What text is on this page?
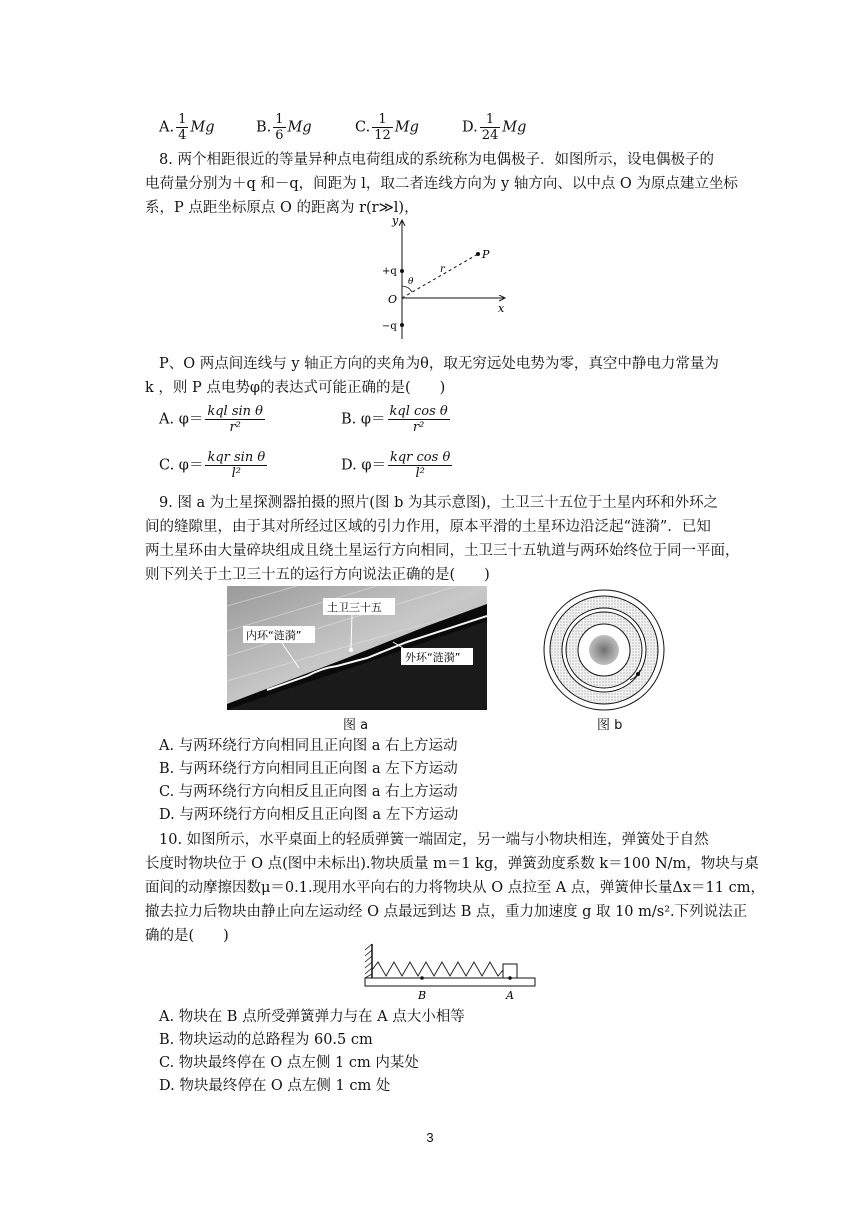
A. $\frac{1}{4}$ Mg	B. $\frac{1}{6}$ Mg	C. $\frac{1}{12}$ Mg	D. $\frac{1}{24}$ Mg
8. 两个相距很近的等量异种点电荷组成的系统称为电偶极子．如图所示，设电偶极子的
电荷量分别为＋q 和－q，间距为 l，取二者连线方向为 y 轴方向、以中点 O 为原点建立坐标
系，P 点距坐标原点 O 的距离为 r(r≫l)，
y
x
P
O
+q
−q
r
θ
P、O 两点间连线与 y 轴正方向的夹角为θ，取无穷远处电势为零，真空中静电力常量为
k ，则 P 点电势φ的表达式可能正确的是(　　)
A. $\varphi= \frac{\text{kql sin θ}}{\text{r²}}$	B. $\varphi= \frac{\text{kql cos θ}}{\text{r²}}$
C. $\varphi= \frac{\text{kqr sin θ}}{\text{l²}}$	D. $\varphi= \frac{\text{kqr cos θ}}{\text{l²}}$
9. 图 a 为土星探测器拍摄的照片(图 b 为其示意图)，土卫三十五位于土星内环和外环之
间的缝隙里，由于其对所经过区域的引力作用，原本平滑的土星环边沿泛起“涟漪”．已知
两土星环由大量碎块组成且绕土星运行方向相同，土卫三十五轨道与两环始终位于同一平面，
则下列关于土卫三十五的运行方向说法正确的是(　　)
土卫三十五
内环“涟漪”
外环“涟漪”
图 a	图 b
A. 与两环绕行方向相同且正向图 a 右上方运动
B. 与两环绕行方向相同且正向图 a 左下方运动
C. 与两环绕行方向相反且正向图 a 右上方运动
D. 与两环绕行方向相反且正向图 a 左下方运动
10. 如图所示，水平桌面上的轻质弹簧一端固定，另一端与小物块相连，弹簧处于自然
长度时物块位于 O 点(图中未标出).物块质量 m＝1 kg，弹簧劲度系数 k＝100 N/m，物块与桌
面间的动摩擦因数μ＝0.1.现用水平向右的力将物块从 O 点拉至 A 点，弹簧伸长量Δx＝11 cm，
撤去拉力后物块由静止向左运动经 O 点最远到达 B 点，重力加速度 g 取 10 m/s².下列说法正
确的是(　　)
B	A
A. 物块在 B 点所受弹簧弹力与在 A 点大小相等
B. 物块运动的总路程为 60.5 cm
C. 物块最终停在 O 点左侧 1 cm 内某处
D. 物块最终停在 O 点左侧 1 cm 处
3
